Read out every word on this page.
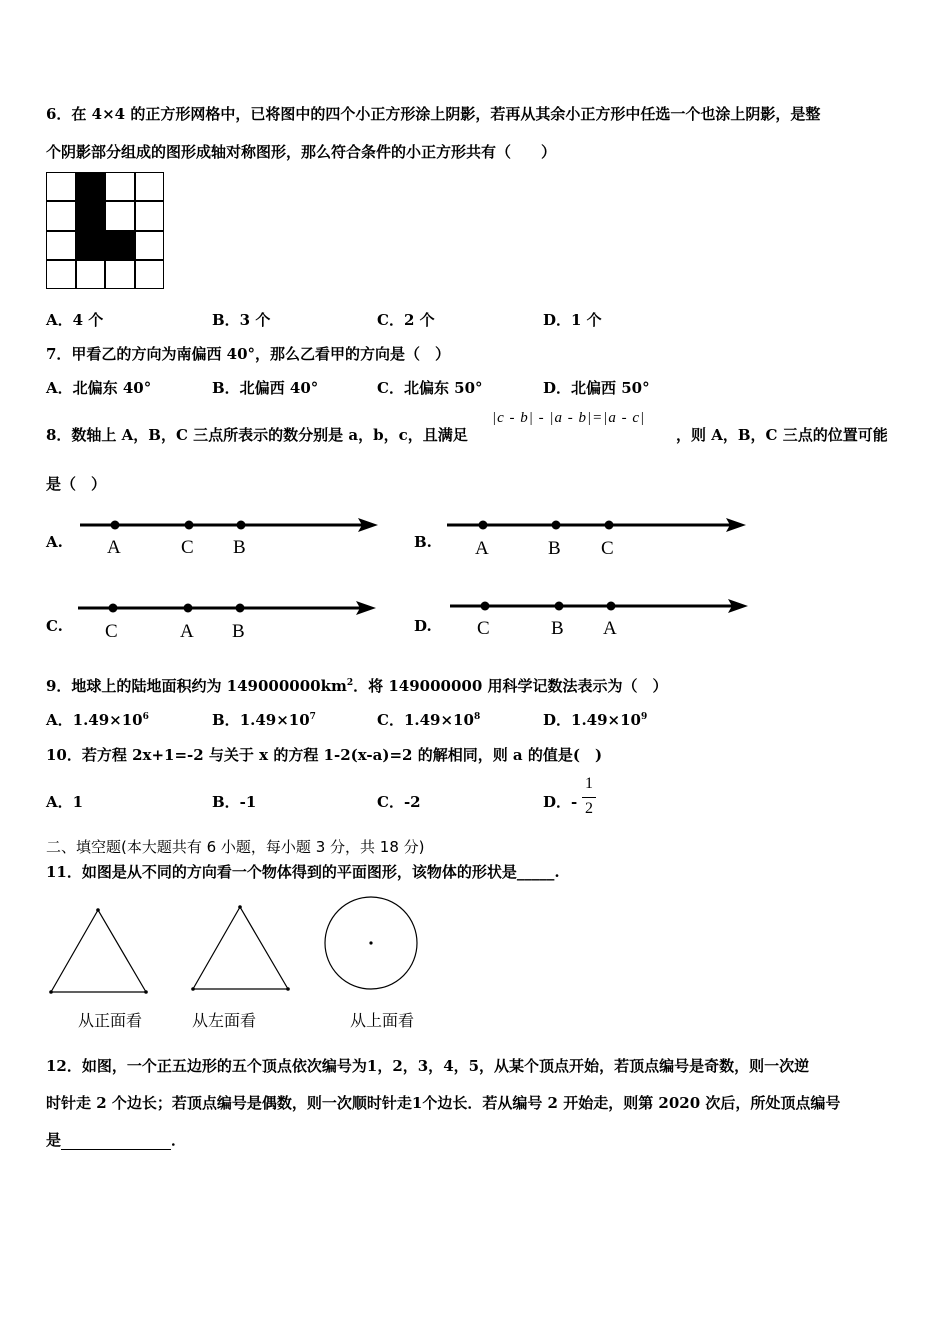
6．在 4×4 的正方形网格中，已将图中的四个小正方形涂上阴影，若再从其余小正方形中任选一个也涂上阴影，是整
个阴影部分组成的图形成轴对称图形，那么符合条件的小正方形共有（　　）
A．4 个	B．3 个	C．2 个	D．1 个
7．甲看乙的方向为南偏西 40°，那么乙看甲的方向是（　）
A．北偏东 40°	B．北偏西 40°	C．北偏东 50°	D．北偏西 50°
8．数轴上 A，B，C 三点所表示的数分别是 a，b，c，且满足
|c - b| - |a - b|=|a - c|
，则 A，B，C 三点的位置可能
是（　）
A.	B.
C.	D.
A	C B	A	B C
C	A B	C	B A
9．地球上的陆地面积约为 $149000000km^2$．将 149000000 用科学记数法表示为（　）
A．$1.49\times 10^6$	B．$1.49\times 10^7$	C．$1.49\times 10^8$	D．$1.49\times 10^9$
10．若方程 2x+1=-2 与关于 x 的方程 1-2(x-a)=2 的解相同，则 a 的值是(　)
A．1	B．-1	C．-2	D．-
1
2
二、填空题(本大题共有 6 小题，每小题 3 分，共 18 分)
11．如图是从不同的方向看一个物体得到的平面图形，该物体的形状是_____.
从正面看	从左面看	从上面看
12．如图，一个正五边形的五个顶点依次编号为1，2，3，4，5，从某个顶点开始，若顶点编号是奇数，则一次逆
时针走 2 个边长；若顶点编号是偶数，则一次顺时针走1个边长．若从编号 2 开始走，则第 2020 次后，所处顶点编号
是	．
